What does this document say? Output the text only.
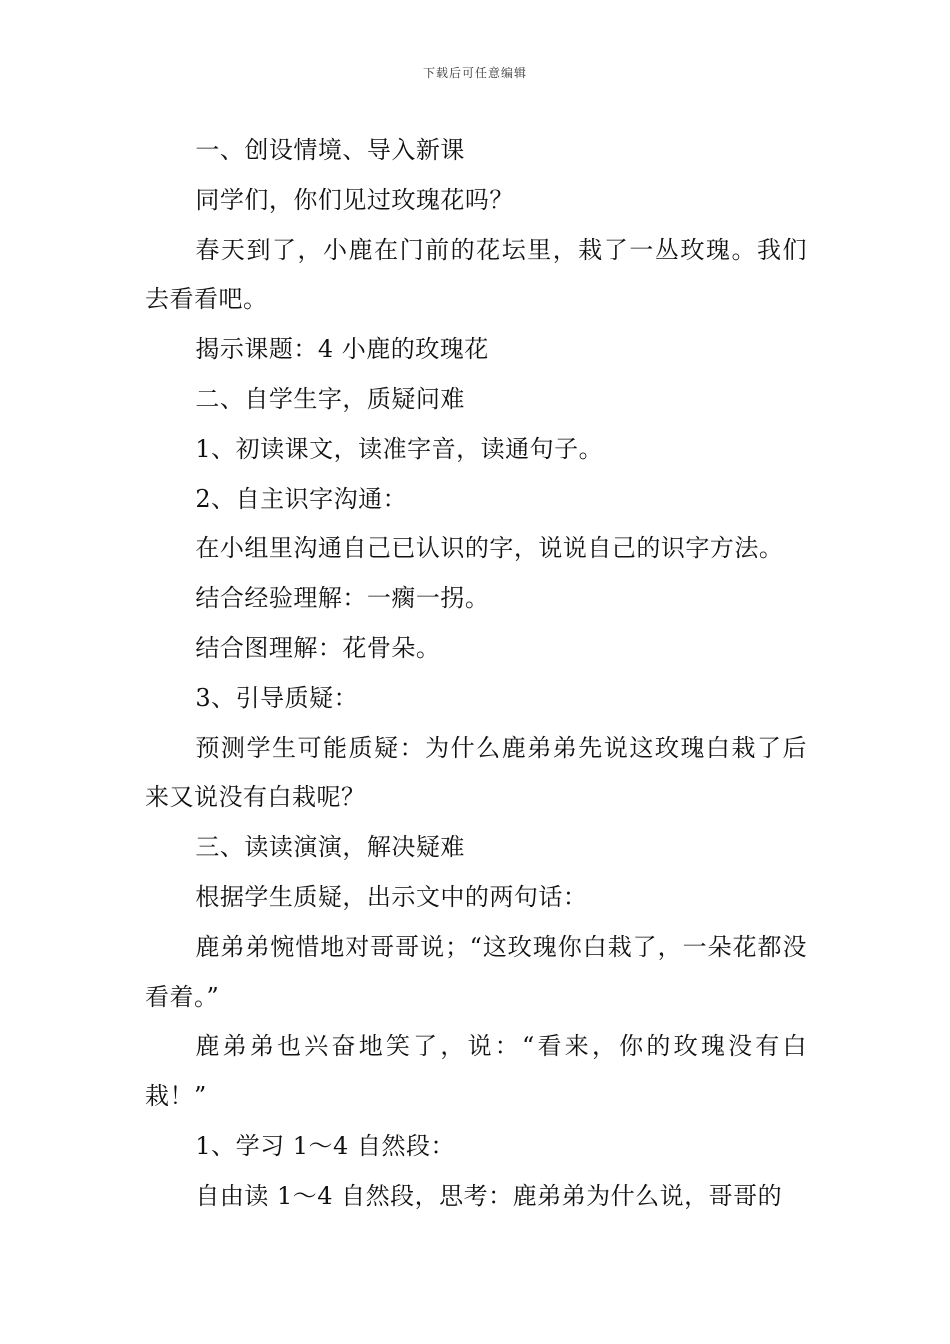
下载后可任意编辑

一、创设情境、导入新课

同学们，你们见过玫瑰花吗？

春天到了，小鹿在门前的花坛里，栽了一丛玫瑰。我们去看看吧。

揭示课题：4 小鹿的玫瑰花

二、自学生字，质疑问难

1、初读课文，读准字音，读通句子。

2、自主识字沟通：

在小组里沟通自己已认识的字，说说自己的识字方法。

结合经验理解：一瘸一拐。

结合图理解：花骨朵。

3、引导质疑：

预测学生可能质疑：为什么鹿弟弟先说这玫瑰白栽了后来又说没有白栽呢？

三、读读演演，解决疑难

根据学生质疑，出示文中的两句话：

鹿弟弟惋惜地对哥哥说；“这玫瑰你白栽了，一朵花都没看着。”

鹿弟弟也兴奋地笑了，说：“看来，你的玫瑰没有白栽！”

1、学习 1～4 自然段：

自由读 1～4 自然段，思考：鹿弟弟为什么说，哥哥的
